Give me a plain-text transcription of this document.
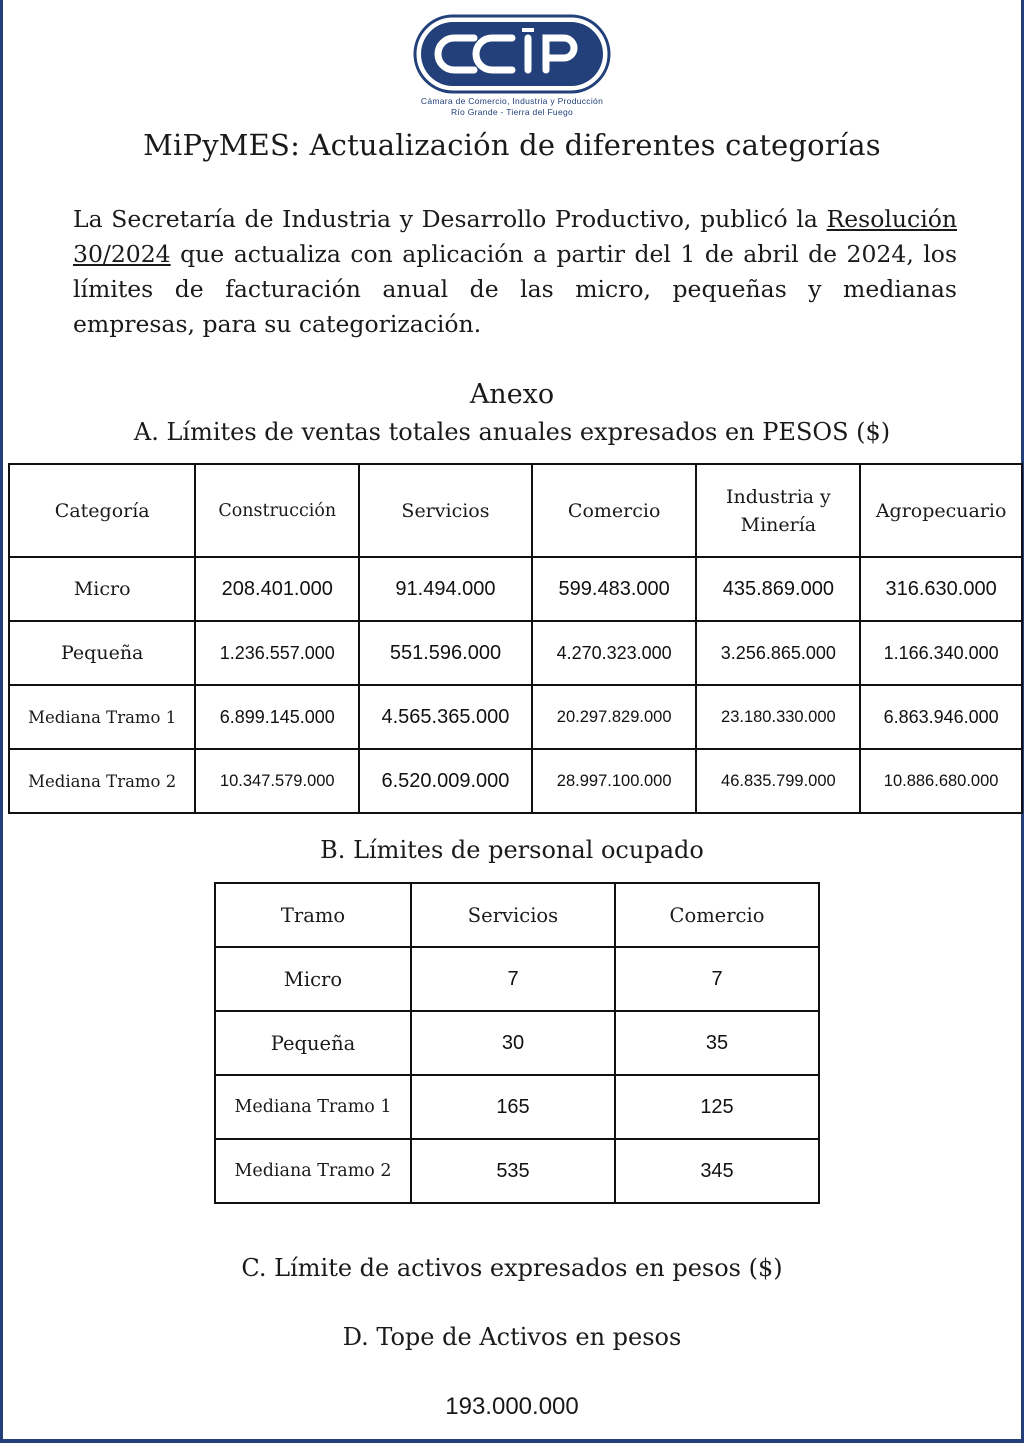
Cámara de Comercio, Industria y Producción
Río Grande - Tierra del Fuego
MiPyMES: Actualización de diferentes categorías
La Secretaría de Industria y Desarrollo Productivo, publicó la Resolución 30/2024 que actualiza con aplicación a partir del 1 de abril de 2024, los límites de facturación anual de las micro, pequeñas y medianas empresas, para su categorización.
Anexo
A. Límites de ventas totales anuales expresados en PESOS ($)
Categoría	Construcción	Servicios	Comercio	Industria y Minería	Agropecuario
Micro	208.401.000	91.494.000	599.483.000	435.869.000	316.630.000
Pequeña	1.236.557.000	551.596.000	4.270.323.000	3.256.865.000	1.166.340.000
Mediana Tramo 1	6.899.145.000	4.565.365.000	20.297.829.000	23.180.330.000	6.863.946.000
Mediana Tramo 2	10.347.579.000	6.520.009.000	28.997.100.000	46.835.799.000	10.886.680.000
B. Límites de personal ocupado
Tramo	Servicios	Comercio
Micro	7	7
Pequeña	30	35
Mediana Tramo 1	165	125
Mediana Tramo 2	535	345
C. Límite de activos expresados en pesos ($)
D. Tope de Activos en pesos
193.000.000
